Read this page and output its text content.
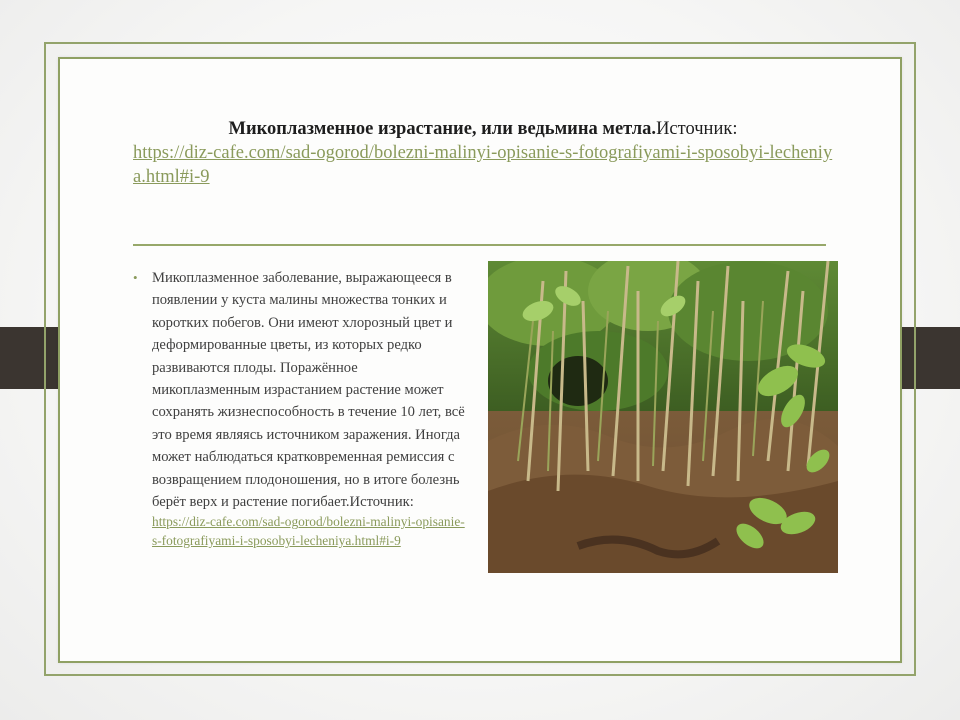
Микоплазменное израстание, или ведьмина метла.Источник:
https://diz-cafe.com/sad-ogorod/bolezni-malinyi-opisanie-s-fotografiyami-i-sposobyi-lecheniya.html#i-9
• Микоплазменное заболевание, выражающееся в появлении у куста малины множества тонких и коротких побегов. Они имеют хлорозный цвет и деформированные цветы, из которых редко развиваются плоды. Поражённое микоплазменным израстанием растение может сохранять жизнеспособность в течение 10 лет, всё это время являясь источником заражения. Иногда может наблюдаться кратковременная ремиссия с возвращением плодоношения, но в итоге болезнь берёт верх и растение погибает.Источник:
https://diz-cafe.com/sad-ogorod/bolezni-malinyi-opisanie-s-fotografiyami-i-sposobyi-lecheniya.html#i-9
